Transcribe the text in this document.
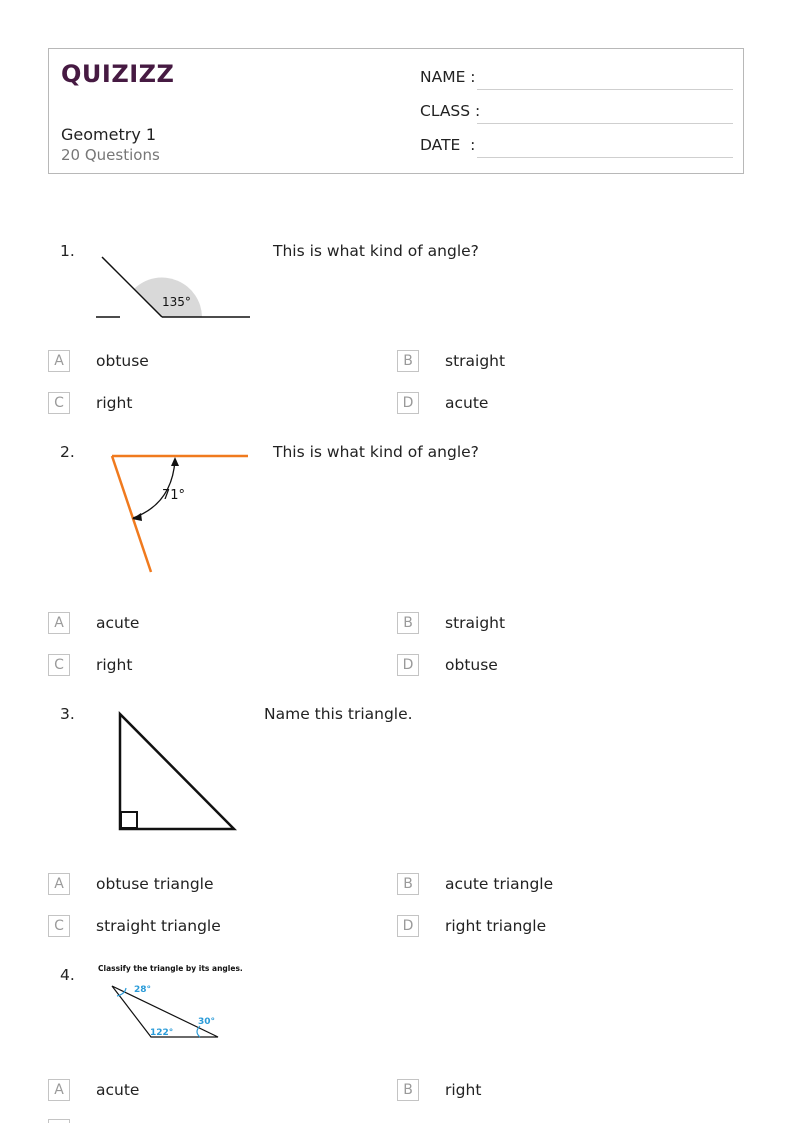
QUIZIZZ
Geometry 1
20 Questions
NAME :
CLASS :
DATE  :
1.
135°
This is what kind of angle?
A	obtuse	B	straight
C	right	D	acute
2.
71°
This is what kind of angle?
A	acute	B	straight
C	right	D	obtuse
3.	Name this triangle.
A	obtuse triangle	B	acute triangle
C	straight triangle	D	right triangle
4.	Classify the triangle by its angles.
28°
30°
122°
A	acute	B	right
